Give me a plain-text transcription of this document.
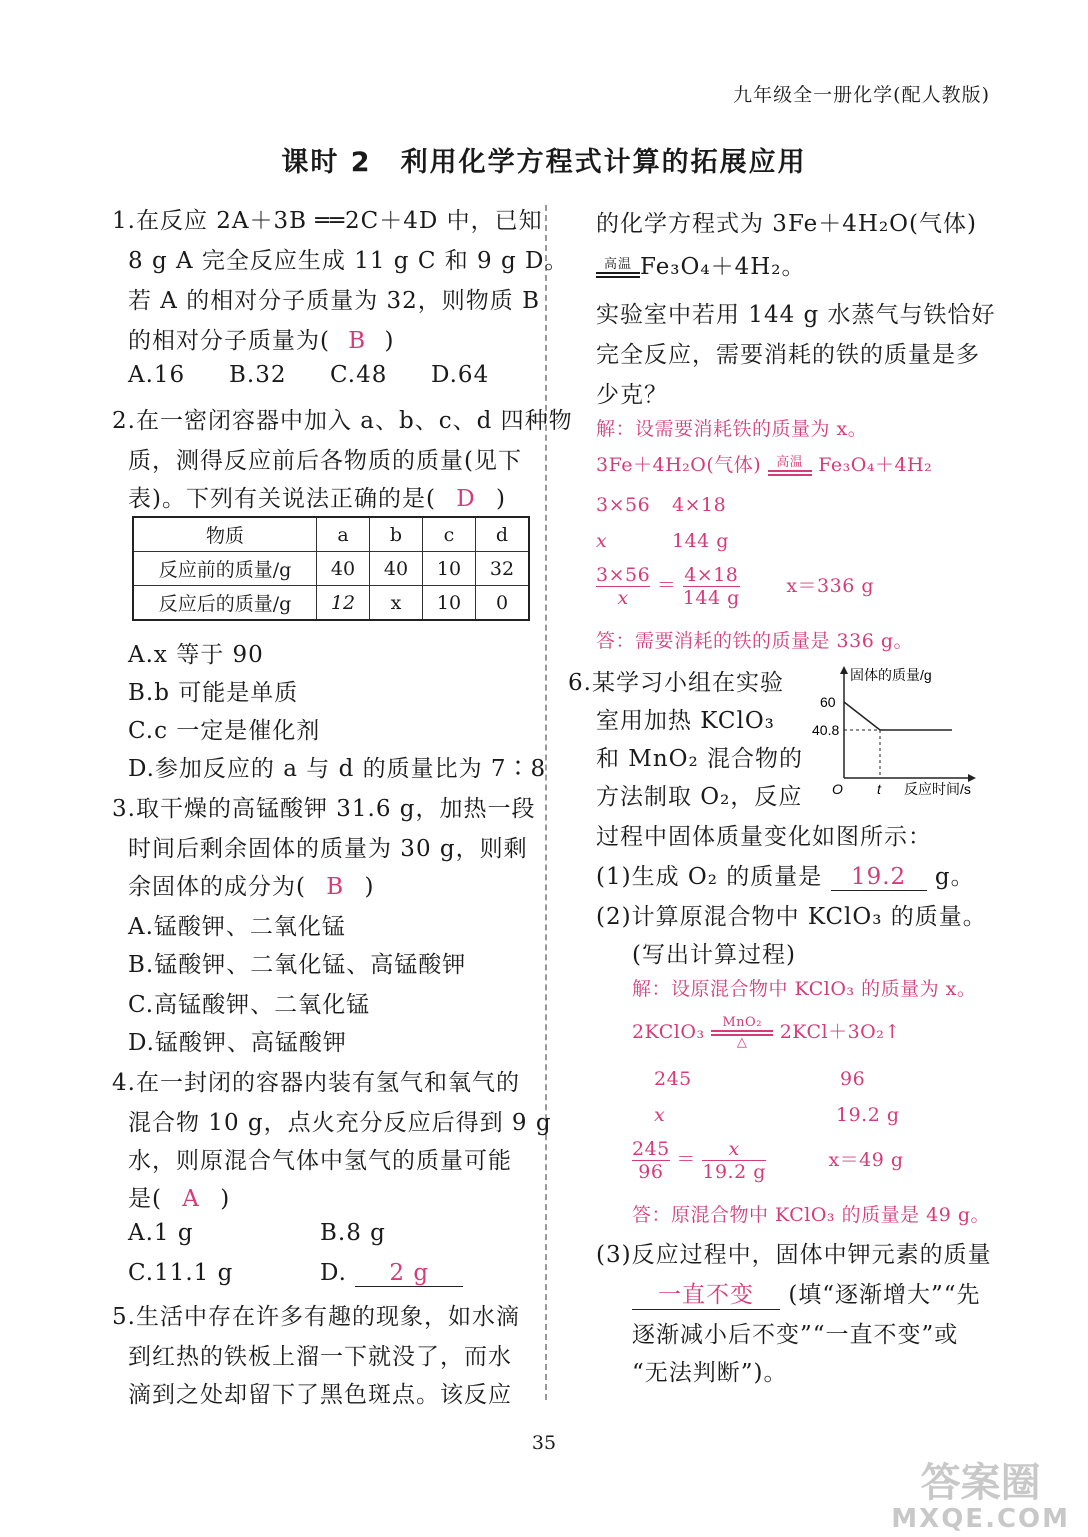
九年级全一册化学(配人教版)
课时 2　利用化学方程式计算的拓展应用
1.在反应 2A＋3B ══2C＋4D 中，已知
8 g A 完全反应生成 11 g C 和 9 g D。
若 A 的相对分子质量为 32，则物质 B
的相对分子质量为( B )
A.16 B.32 C.48 D.64
2.在一密闭容器中加入 a、b、c、d 四种物
质，测得反应前后各物质的质量(见下
表)。下列有关说法正确的是( D )
物质	a	b	c	d
反应前的质量/g	40	40	10	32
反应后的质量/g	12	x	10	0
A.x 等于 90
B.b 可能是单质
C.c 一定是催化剂
D.参加反应的 a 与 d 的质量比为 7∶8
3.取干燥的高锰酸钾 31.6 g，加热一段
时间后剩余固体的质量为 30 g，则剩
余固体的成分为( B )
A.锰酸钾、二氧化锰
B.锰酸钾、二氧化锰、高锰酸钾
C.高锰酸钾、二氧化锰
D.锰酸钾、高锰酸钾
4.在一封闭的容器内装有氢气和氧气的
混合物 10 g，点火充分反应后得到 9 g
水，则原混合气体中氢气的质量可能
是( A )
A.1 g	B.8 g
C.11.1 g	D. 2 g
5.生活中存在许多有趣的现象，如水滴
到红热的铁板上溜一下就没了，而水
滴到之处却留下了黑色斑点。该反应
的化学方程式为 3Fe＋4H₂O(气体)
高温 Fe₃O₄＋4H₂。
实验室中若用 144 g 水蒸气与铁恰好
完全反应，需要消耗的铁的质量是多
少克？
解：设需要消耗铁的质量为 x。
3Fe＋4H₂O(气体)	高温 Fe₃O₄＋4H₂
3×56 4×18
x	144 g
$\frac{3\times 56}{x} = \frac{4\times 18}{144 g} x=336$ g
答：需要消耗的铁的质量是 336 g。
6.某学习小组在实验
室用加热 KClO₃
和 MnO₂ 混合物的
方法制取 O₂，反应
过程中固体质量变化如图所示：
固体的质量/g
60
40.8
O t 反应时间/s
(1)生成 O₂ 的质量是 19.2 g。
(2)计算原混合物中 KClO₃ 的质量。
(写出计算过程)
解：设原混合物中 KClO₃ 的质量为 x。
2KClO₃	MnO₂
△	2KCl＋3O₂↑
245	96
x	19.2 g
$\frac{245}{96} = \frac{x}{19.2 g}$	x＝49 g
答：原混合物中 KClO₃ 的质量是 49 g。
(3)反应过程中，固体中钾元素的质量
一直不变 (填“逐渐增大”“先
逐渐减小后不变”“一直不变”或
“无法判断”)。
35
答案圈
MXQE.COM
